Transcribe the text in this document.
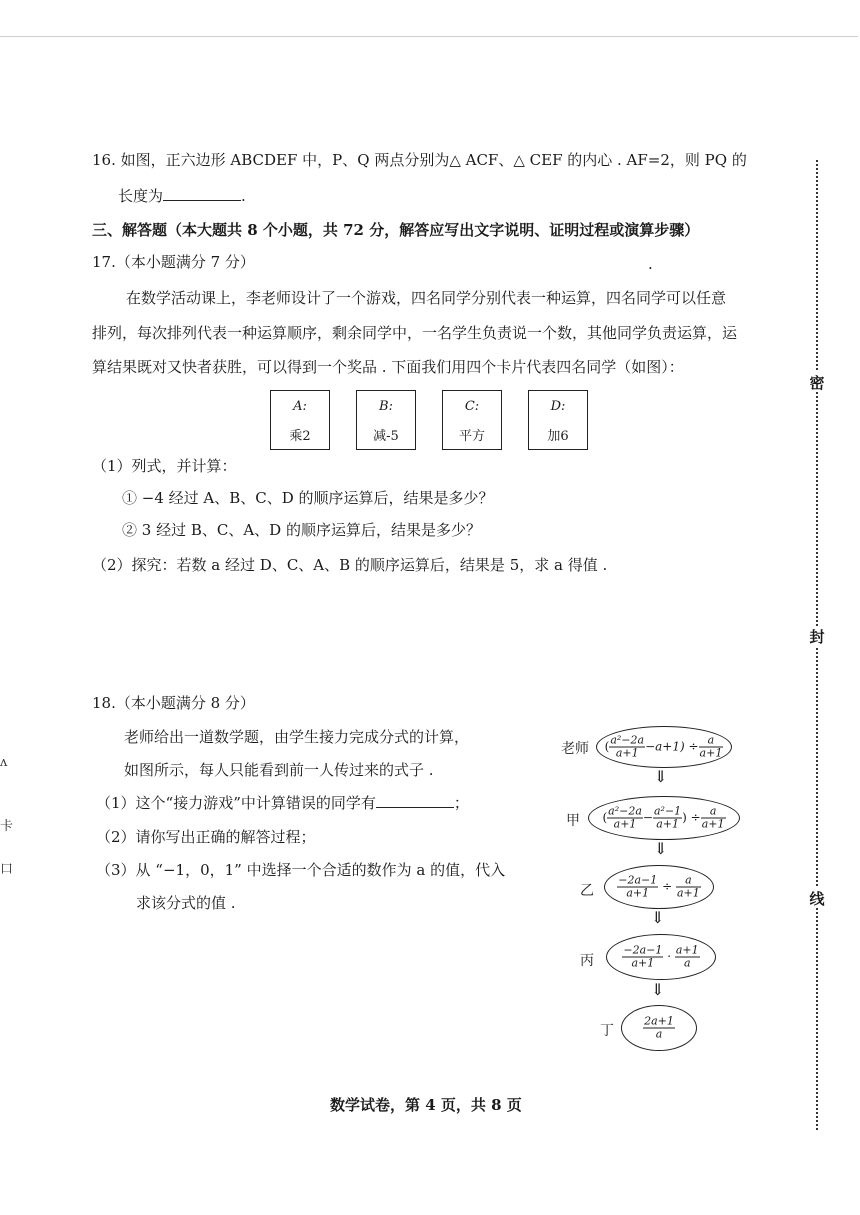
16. 如图，正六边形 ABCDEF 中，P、Q 两点分别为△ ACF、△ CEF 的内心 . AF=2，则 PQ 的
长度为	.
三、解答题（本大题共 8 个小题，共 72 分，解答应写出文字说明、证明过程或演算步骤）
17.（本小题满分 7 分）	.
在数学活动课上，李老师设计了一个游戏，四名同学分别代表一种运算，四名同学可以任意
排列，每次排列代表一种运算顺序，剩余同学中，一名学生负责说一个数，其他同学负责运算，运
算结果既对又快者获胜，可以得到一个奖品 . 下面我们用四个卡片代表四名同学（如图）：
A:
乘2
B:
减-5
C:
平方
D:
加6
（1）列式，并计算：
① −4 经过 A、B、C、D 的顺序运算后，结果是多少？
② 3 经过 B、C、A、D 的顺序运算后，结果是多少？
（2）探究：若数 a 经过 D、C、A、B 的顺序运算后，结果是 5，求 a 得值 .
18.（本小题满分 8 分）
老师给出一道数学题，由学生接力完成分式的计算，
如图所示，每人只能看到前一人传过来的式子 .
（1）这个“接力游戏”中计算错误的同学有	；
（2）请你写出正确的解答过程；
（3）从 “−1，0，1” 中选择一个合适的数作为 a 的值，代入
求该分式的值 .
老师	( $\frac{\text{a²−2a}}{a+1} -a+1) \div \frac{a}{a+1}$
⇓
甲	( $\frac{\text{a²−2a}}{a+1} - \frac{\text{a²−1}}{a+1}$ ) ÷ $\frac{a}{a+1}$
⇓
乙 $\frac{-2a-1}{a+1} \div \frac{a}{a+1}$
⇓
丙	$\frac{-2a-1}{a+1} \cdot \frac{a+1}{a}$
⇓
丁	$\frac{2a+1}{a}$
数学试卷，第 4 页，共 8 页
密
封
线
ʌ
卡
口
